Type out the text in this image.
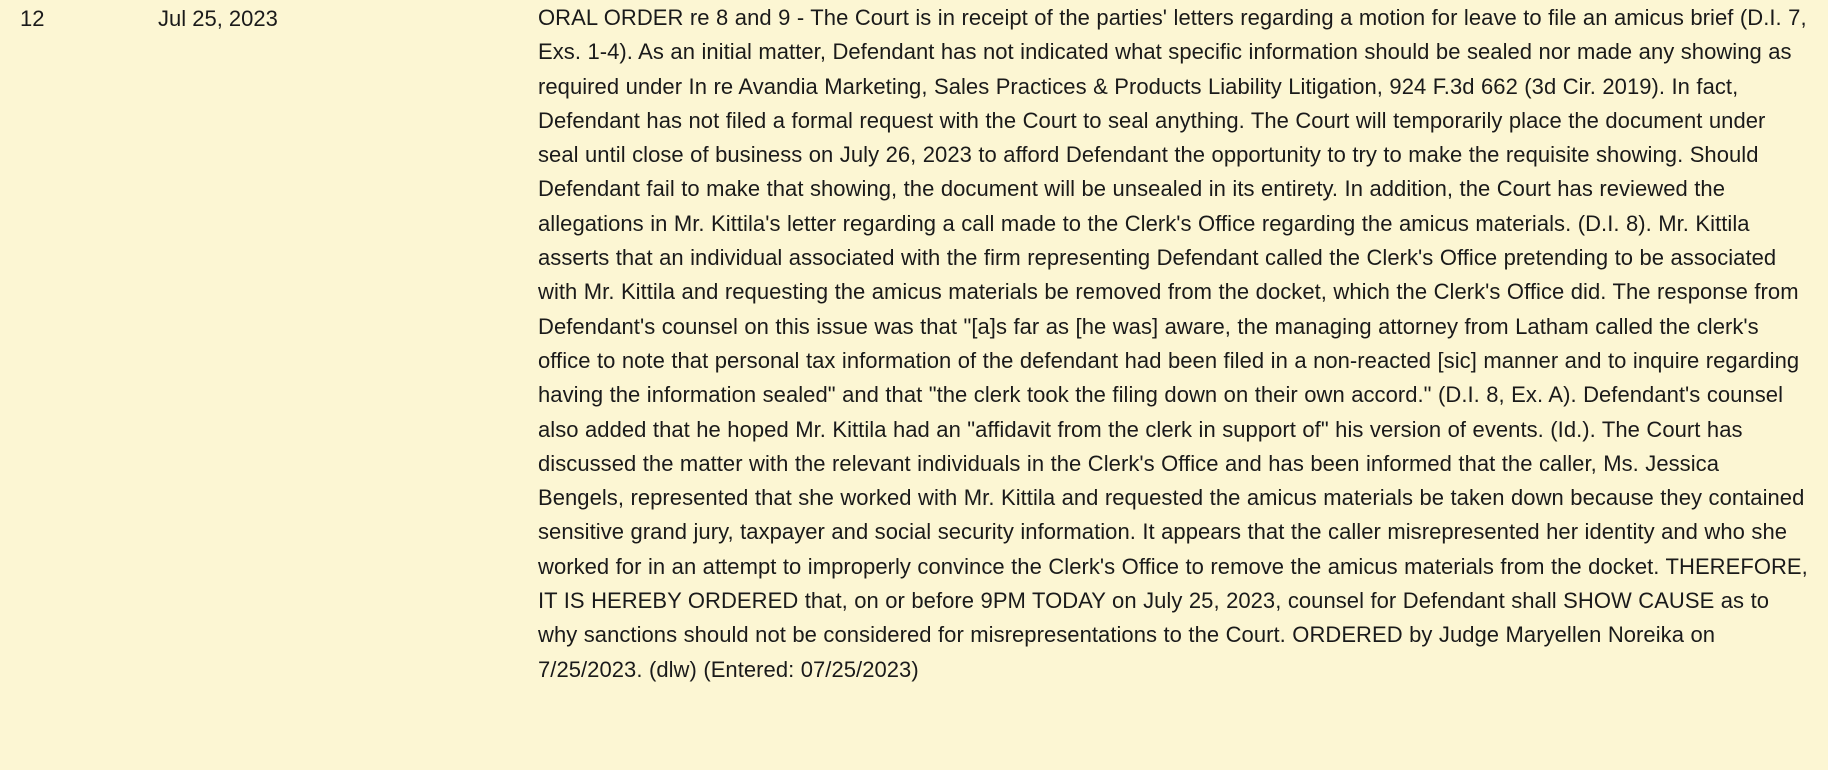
12	Jul 25, 2023	ORAL ORDER re 8 and 9 - The Court is in receipt of the parties' letters regarding a motion for leave to file an amicus brief (D.I. 7, Exs. 1-4). As an initial matter, Defendant has not indicated what specific information should be sealed nor made any showing as required under In re Avandia Marketing, Sales Practices & Products Liability Litigation, 924 F.3d 662 (3d Cir. 2019). In fact, Defendant has not filed a formal request with the Court to seal anything. The Court will temporarily place the document under seal until close of business on July 26, 2023 to afford Defendant the opportunity to try to make the requisite showing. Should Defendant fail to make that showing, the document will be unsealed in its entirety. In addition, the Court has reviewed the allegations in Mr. Kittila's letter regarding a call made to the Clerk's Office regarding the amicus materials. (D.I. 8). Mr. Kittila asserts that an individual associated with the firm representing Defendant called the Clerk's Office pretending to be associated with Mr. Kittila and requesting the amicus materials be removed from the docket, which the Clerk's Office did. The response from Defendant's counsel on this issue was that "[a]s far as [he was] aware, the managing attorney from Latham called the clerk's office to note that personal tax information of the defendant had been filed in a non-reacted [sic] manner and to inquire regarding having the information sealed" and that "the clerk took the filing down on their own accord." (D.I. 8, Ex. A). Defendant's counsel also added that he hoped Mr. Kittila had an "affidavit from the clerk in support of" his version of events. (Id.). The Court has discussed the matter with the relevant individuals in the Clerk's Office and has been informed that the caller, Ms. Jessica Bengels, represented that she worked with Mr. Kittila and requested the amicus materials be taken down because they contained sensitive grand jury, taxpayer and social security information. It appears that the caller misrepresented her identity and who she worked for in an attempt to improperly convince the Clerk's Office to remove the amicus materials from the docket. THEREFORE, IT IS HEREBY ORDERED that, on or before 9PM TODAY on July 25, 2023, counsel for Defendant shall SHOW CAUSE as to why sanctions should not be considered for misrepresentations to the Court. ORDERED by Judge Maryellen Noreika on 7/25/2023. (dlw) (Entered: 07/25/2023)
